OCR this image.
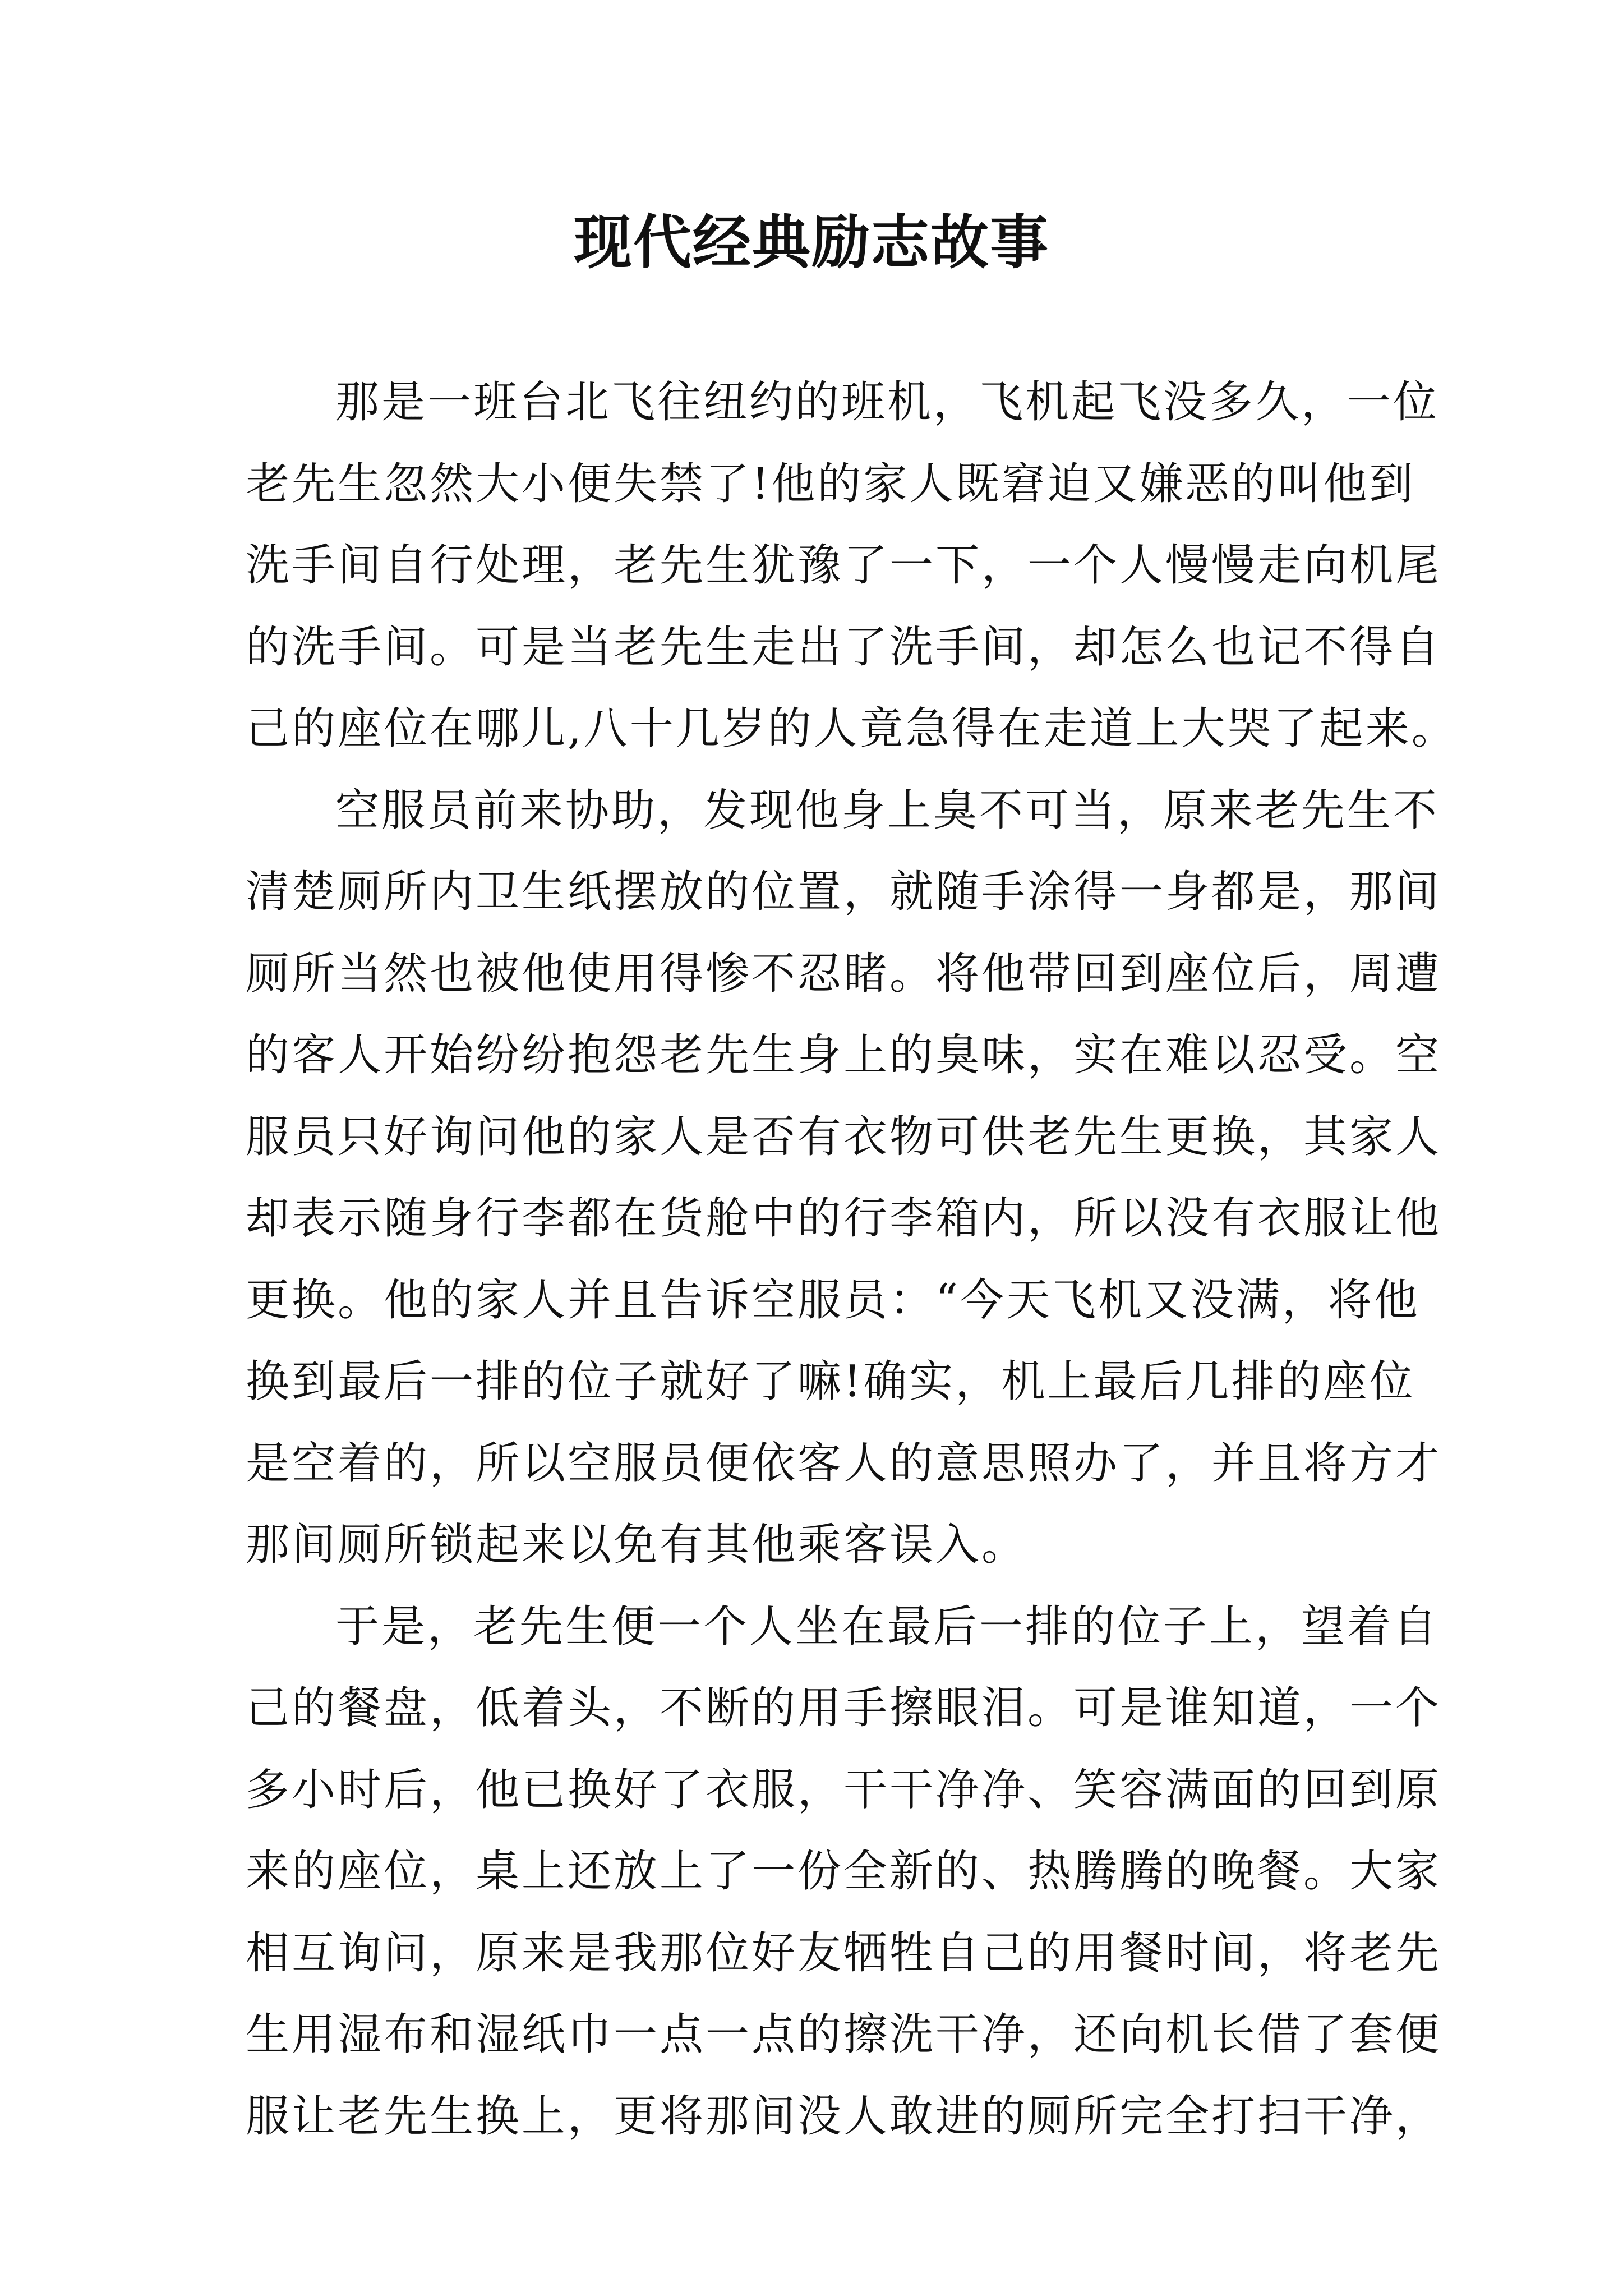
现代经典励志故事
那是一班台北飞往纽约的班机，飞机起飞没多久，一位
老先生忽然大小便失禁了!他的家人既窘迫又嫌恶的叫他到
洗手间自行处理，老先生犹豫了一下，一个人慢慢走向机尾
的洗手间。可是当老先生走出了洗手间，却怎么也记不得自
己的座位在哪儿,八十几岁的人竟急得在走道上大哭了起来。
空服员前来协助，发现他身上臭不可当，原来老先生不
清楚厕所内卫生纸摆放的位置，就随手涂得一身都是，那间
厕所当然也被他使用得惨不忍睹。将他带回到座位后，周遭
的客人开始纷纷抱怨老先生身上的臭味，实在难以忍受。空
服员只好询问他的家人是否有衣物可供老先生更换，其家人
却表示随身行李都在货舱中的行李箱内，所以没有衣服让他
更换。他的家人并且告诉空服员：“今天飞机又没满，将他
换到最后一排的位子就好了嘛!确实，机上最后几排的座位
是空着的，所以空服员便依客人的意思照办了，并且将方才
那间厕所锁起来以免有其他乘客误入。
于是，老先生便一个人坐在最后一排的位子上，望着自
己的餐盘，低着头，不断的用手擦眼泪。可是谁知道，一个
多小时后，他已换好了衣服，干干净净、笑容满面的回到原
来的座位，桌上还放上了一份全新的、热腾腾的晚餐。大家
相互询问，原来是我那位好友牺牲自己的用餐时间，将老先
生用湿布和湿纸巾一点一点的擦洗干净，还向机长借了套便
服让老先生换上，更将那间没人敢进的厕所完全打扫干净，
